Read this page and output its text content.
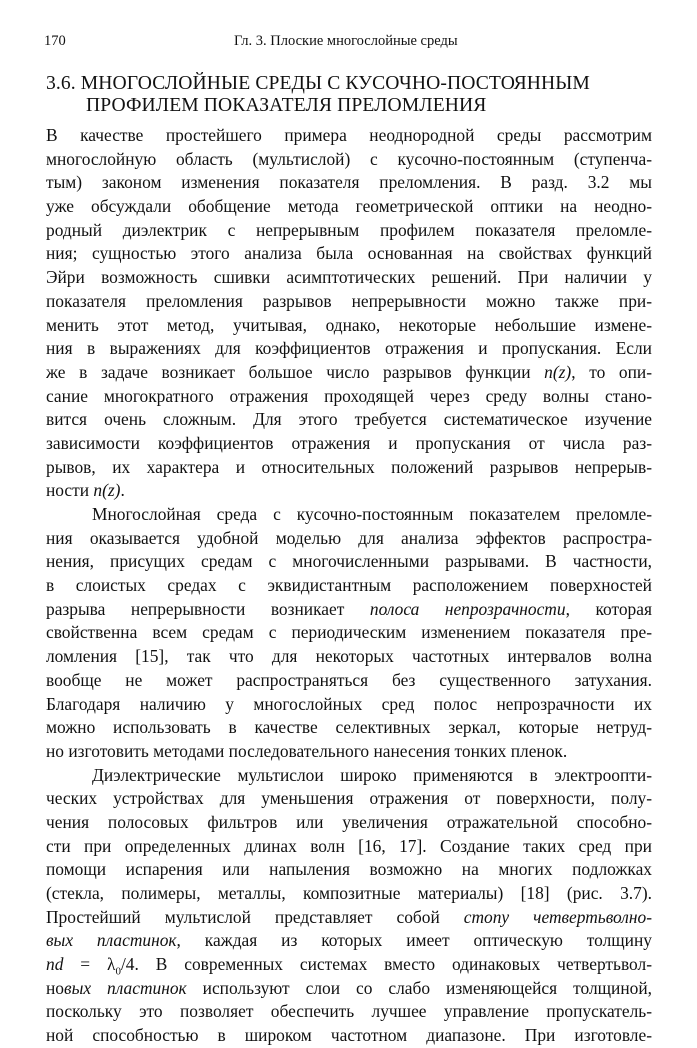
170	Гл. 3. Плоские многослойные среды
3.6. МНОГОСЛОЙНЫЕ СРЕДЫ С КУСОЧНО-ПОСТОЯННЫМ
ПРОФИЛЕМ ПОКАЗАТЕЛЯ ПРЕЛОМЛЕНИЯ
В качестве простейшего примера неоднородной среды рассмотрим
многослойную область (мультислой) с кусочно-постоянным (ступенча-
тым) законом изменения показателя преломления. В разд. 3.2 мы
уже обсуждали обобщение метода геометрической оптики на неодно-
родный диэлектрик с непрерывным профилем показателя преломле-
ния; сущностью этого анализа была основанная на свойствах функций
Эйри возможность сшивки асимптотических решений. При наличии у
показателя преломления разрывов непрерывности можно также при-
менить этот метод, учитывая, однако, некоторые небольшие измене-
ния в выражениях для коэффициентов отражения и пропускания. Если
же в задаче возникает большое число разрывов функции n(z), то опи-
сание многократного отражения проходящей через среду волны стано-
вится очень сложным. Для этого требуется систематическое изучение
зависимости коэффициентов отражения и пропускания от числа раз-
рывов, их характера и относительных положений разрывов непрерыв-
ности n(z).
Многослойная среда с кусочно-постоянным показателем преломле-
ния оказывается удобной моделью для анализа эффектов распростра-
нения, присущих средам с многочисленными разрывами. В частности,
в слоистых средах с эквидистантным расположением поверхностей
разрыва непрерывности возникает полоса непрозрачности, которая
свойственна всем средам с периодическим изменением показателя пре-
ломления [15], так что для некоторых частотных интервалов волна
вообще не может распространяться без существенного затухания.
Благодаря наличию у многослойных сред полос непрозрачности их
можно использовать в качестве селективных зеркал, которые нетруд-
но изготовить методами последовательного нанесения тонких пленок.
Диэлектрические мультислои широко применяются в электроопти-
ческих устройствах для уменьшения отражения от поверхности, полу-
чения полосовых фильтров или увеличения отражательной способно-
сти при определенных длинах волн [16, 17]. Создание таких сред при
помощи испарения или напыления возможно на многих подложках
(стекла, полимеры, металлы, композитные материалы) [18] (рис. 3.7).
Простейший мультислой представляет собой стопу четвертьволно-
вых пластинок, каждая из которых имеет оптическую толщину
nd = $\lambda_0/4$. В современных системах вместо одинаковых четвертьвол-
новых пластинок используют слои со слабо изменяющейся толщиной,
поскольку это позволяет обеспечить лучшее управление пропускатель-
ной способностью в широком частотном диапазоне. При изготовле-
